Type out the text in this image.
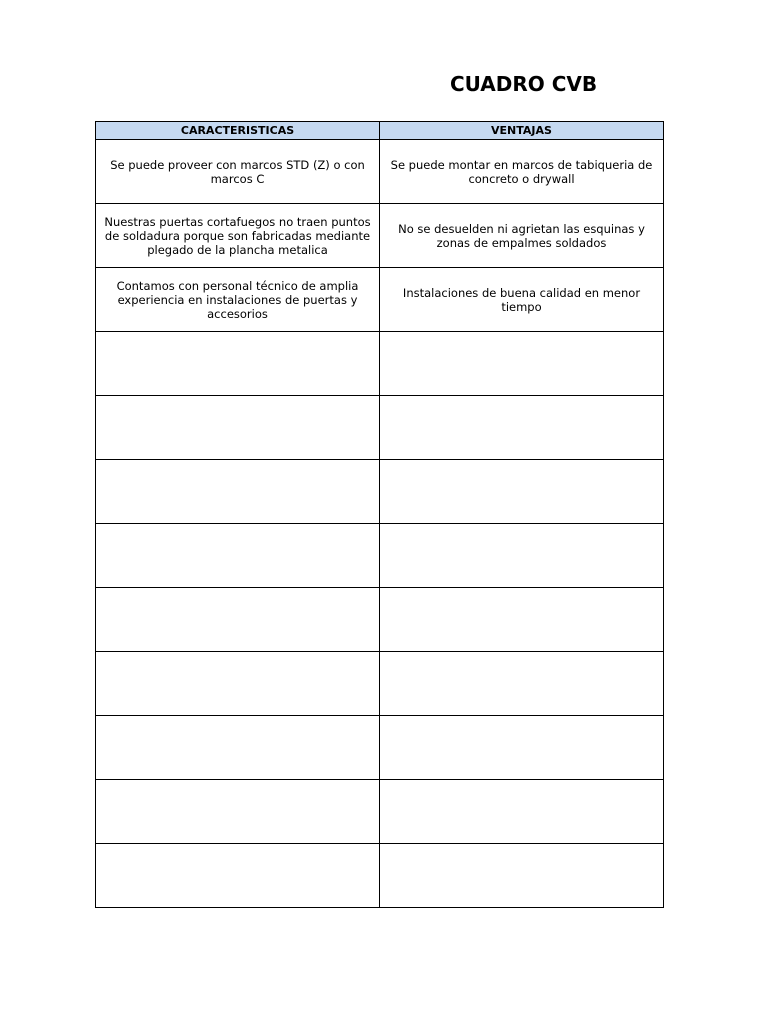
CUADRO CVB
CARACTERISTICAS	VENTAJAS
Se puede proveer con marcos STD (Z) o con marcos C	Se puede montar en marcos de tabiqueria de concreto o drywall
Nuestras puertas cortafuegos no traen puntos de soldadura porque son fabricadas mediante plegado de la plancha metalica	No se desuelden ni agrietan las esquinas y zonas de empalmes soldados
Contamos con personal técnico de amplia experiencia en instalaciones de puertas y accesorios	Instalaciones de buena calidad en menor tiempo
